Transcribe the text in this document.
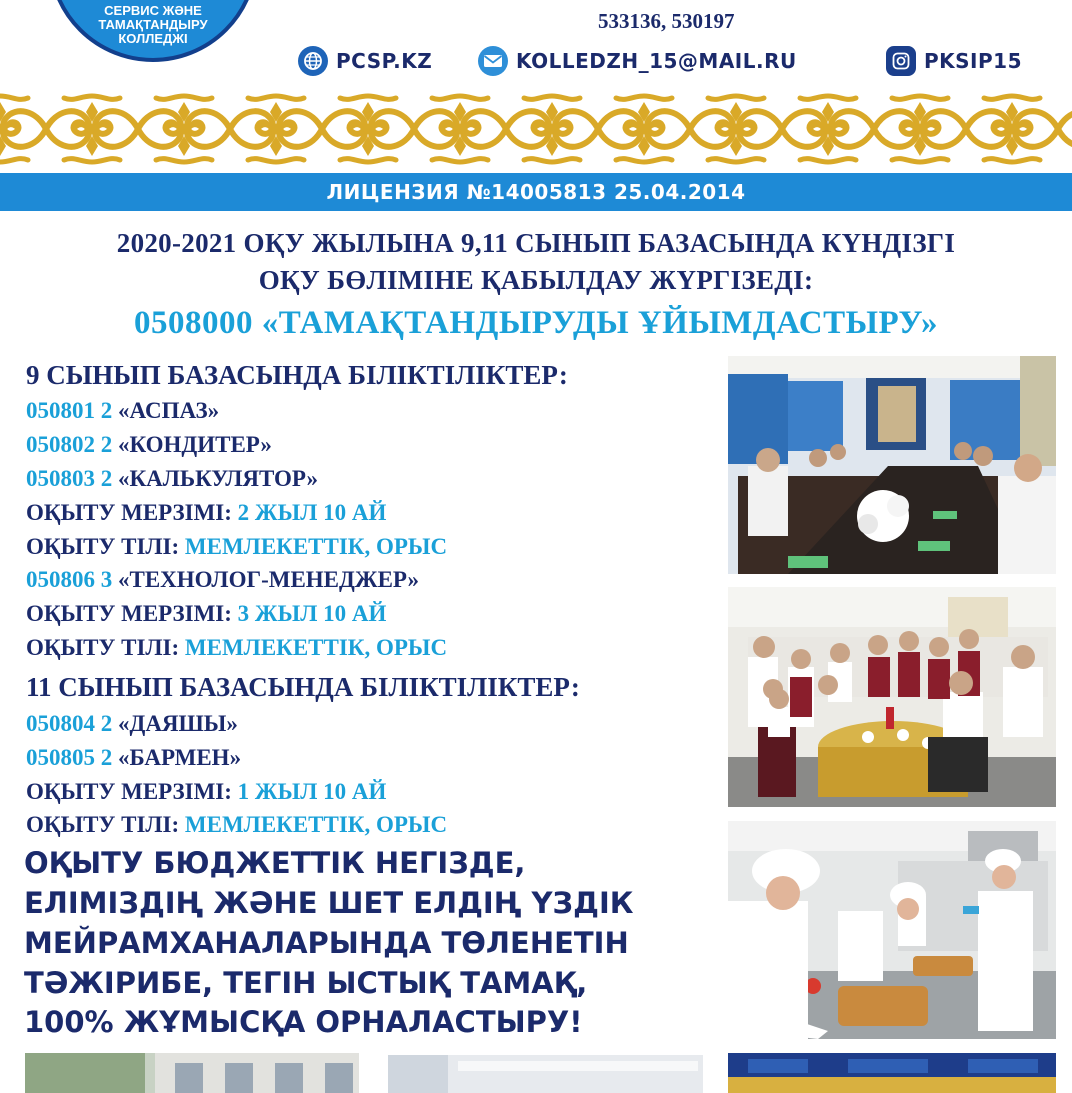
СЕРВИС ЖӘНЕ
ТАМАҚТАНДЫРУ
КОЛЛЕДЖІ
533136, 530197
PCSP.KZ	KOLLEDZH_15@MAIL.RU	PKSIP15
ЛИЦЕНЗИЯ №14005813 25.04.2014
2020-2021 ОҚУ ЖЫЛЫНА 9,11 СЫНЫП БАЗАСЫНДА КҮНДІЗГІ
ОҚУ БӨЛІМІНЕ ҚАБЫЛДАУ ЖҮРГІЗЕДІ:
0508000 «ТАМАҚТАНДЫРУДЫ ҰЙЫМДАСТЫРУ»
9 СЫНЫП БАЗАСЫНДА БІЛІКТІЛІКТЕР:
050801 2 «АСПАЗ»
050802 2 «КОНДИТЕР»
050803 2 «КАЛЬКУЛЯТОР»
ОҚЫТУ МЕРЗІМІ: 2 ЖЫЛ 10 АЙ
ОҚЫТУ ТІЛІ: МЕМЛЕКЕТТІК, ОРЫС
050806 3 «ТЕХНОЛОГ-МЕНЕДЖЕР»
ОҚЫТУ МЕРЗІМІ: 3 ЖЫЛ 10 АЙ
ОҚЫТУ ТІЛІ: МЕМЛЕКЕТТІК, ОРЫС
11 СЫНЫП БАЗАСЫНДА БІЛІКТІЛІКТЕР:
050804 2 «ДАЯШЫ»
050805 2 «БАРМЕН»
ОҚЫТУ МЕРЗІМІ: 1 ЖЫЛ 10 АЙ
ОҚЫТУ ТІЛІ: МЕМЛЕКЕТТІК, ОРЫС
ОҚЫТУ БЮДЖЕТТІК НЕГІЗДЕ,
ЕЛІМІЗДІҢ ЖӘНЕ ШЕТ ЕЛДІҢ ҮЗДІК
МЕЙРАМХАНАЛАРЫНДА ТӨЛЕНЕТІН
ТӘЖІРИБЕ, ТЕГІН ЫСТЫҚ ТАМАҚ,
100% ЖҰМЫСҚА ОРНАЛАСТЫРУ!
